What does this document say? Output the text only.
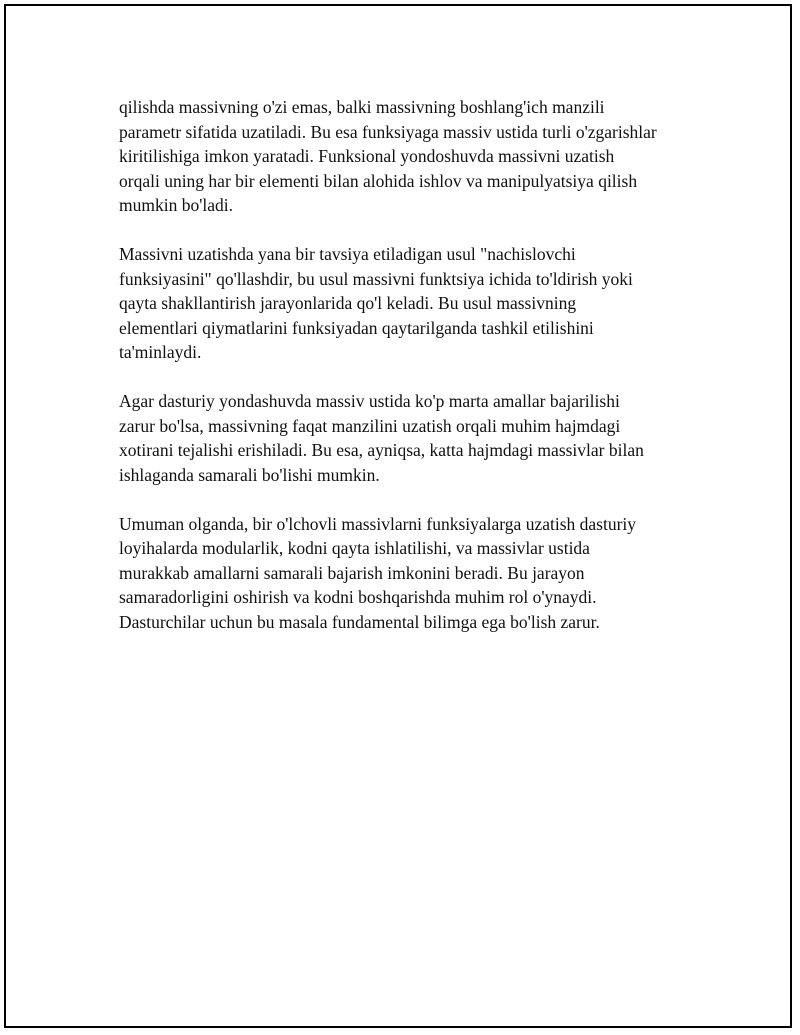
qilishda massivning o'zi emas, balki massivning boshlang'ich manzili
parametr sifatida uzatiladi. Bu esa funksiyaga massiv ustida turli o'zgarishlar
kiritilishiga imkon yaratadi. Funksional yondoshuvda massivni uzatish
orqali uning har bir elementi bilan alohida ishlov va manipulyatsiya qilish
mumkin bo'ladi.

Massivni uzatishda yana bir tavsiya etiladigan usul "nachislovchi
funksiyasini" qo'llashdir, bu usul massivni funktsiya ichida to'ldirish yoki
qayta shakllantirish jarayonlarida qo'l keladi. Bu usul massivning
elementlari qiymatlarini funksiyadan qaytarilganda tashkil etilishini
ta'minlaydi.

Agar dasturiy yondashuvda massiv ustida ko'p marta amallar bajarilishi
zarur bo'lsa, massivning faqat manzilini uzatish orqali muhim hajmdagi
xotirani tejalishi erishiladi. Bu esa, ayniqsa, katta hajmdagi massivlar bilan
ishlaganda samarali bo'lishi mumkin.

Umuman olganda, bir o'lchovli massivlarni funksiyalarga uzatish dasturiy
loyihalarda modularlik, kodni qayta ishlatilishi, va massivlar ustida
murakkab amallarni samarali bajarish imkonini beradi. Bu jarayon
samaradorligini oshirish va kodni boshqarishda muhim rol o'ynaydi.
Dasturchilar uchun bu masala fundamental bilimga ega bo'lish zarur.
